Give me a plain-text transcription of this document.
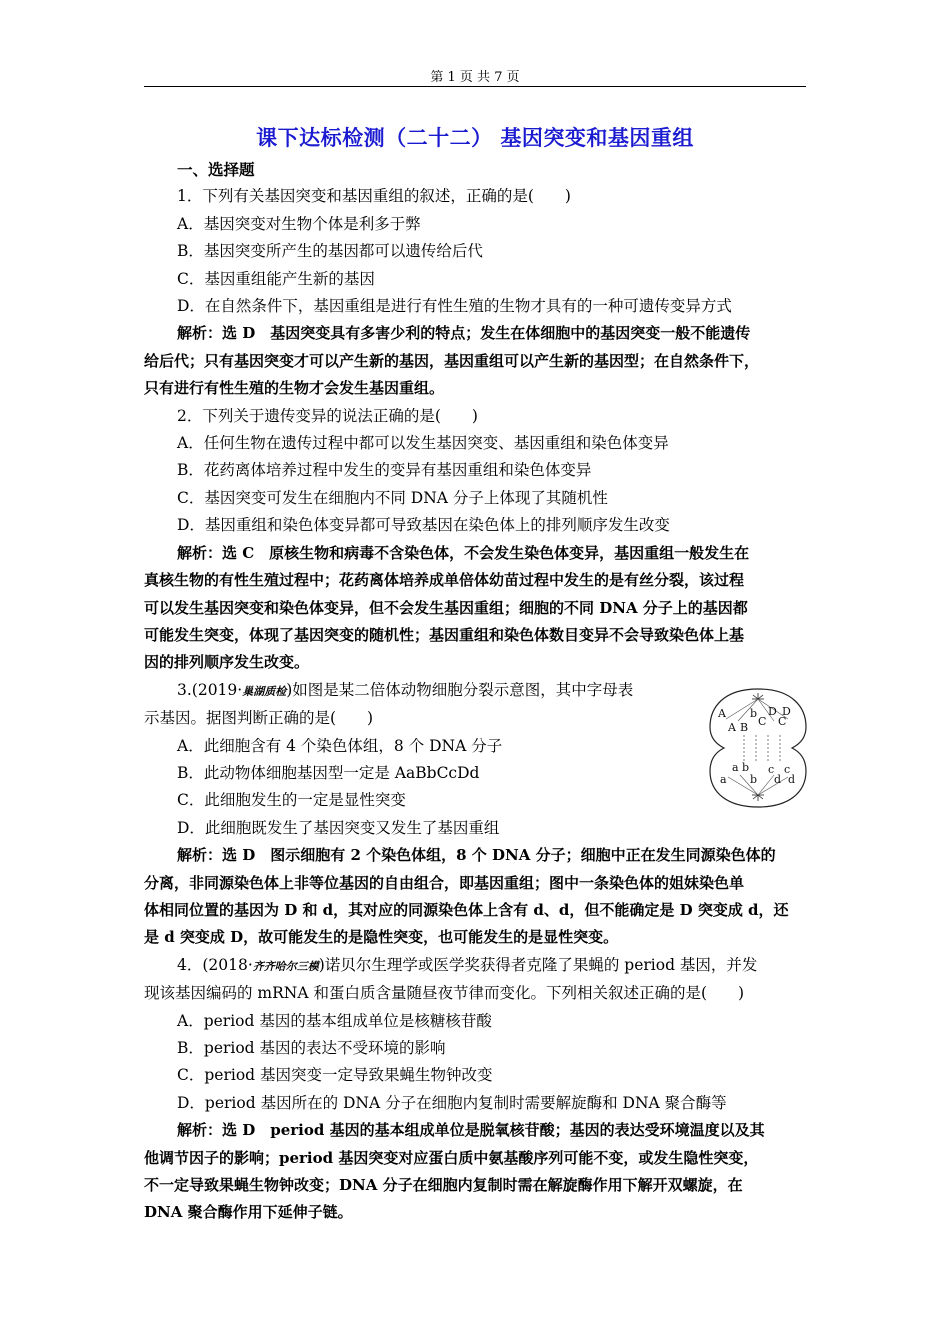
第 1 页 共 7 页
课下达标检测（二十二） 基因突变和基因重组
一、选择题
1．下列有关基因突变和基因重组的叙述，正确的是(　　)
A．基因突变对生物个体是利多于弊
B．基因突变所产生的基因都可以遗传给后代
C．基因重组能产生新的基因
D．在自然条件下，基因重组是进行有性生殖的生物才具有的一种可遗传变异方式
解析：选 D　基因突变具有多害少利的特点；发生在体细胞中的基因突变一般不能遗传
给后代；只有基因突变才可以产生新的基因，基因重组可以产生新的基因型；在自然条件下，
只有进行有性生殖的生物才会发生基因重组。
2．下列关于遗传变异的说法正确的是(　　)
A．任何生物在遗传过程中都可以发生基因突变、基因重组和染色体变异
B．花药离体培养过程中发生的变异有基因重组和染色体变异
C．基因突变可发生在细胞内不同 DNA 分子上体现了其随机性
D．基因重组和染色体变异都可导致基因在染色体上的排列顺序发生改变
解析：选 C　原核生物和病毒不含染色体，不会发生染色体变异，基因重组一般发生在
真核生物的有性生殖过程中；花药离体培养成单倍体幼苗过程中发生的是有丝分裂，该过程
可以发生基因突变和染色体变异，但不会发生基因重组；细胞的不同 DNA 分子上的基因都
可能发生突变，体现了基因突变的随机性；基因重组和染色体数目变异不会导致染色体上基
因的排列顺序发生改变。
3.(2019·巢湖质检)如图是某二倍体动物细胞分裂示意图，其中字母表
示基因。据图判断正确的是(　　)
A．此细胞含有 4 个染色体组，8 个 DNA 分子
B．此动物体细胞基因型一定是 AaBbCcDd
C．此细胞发生的一定是显性突变
D．此细胞既发生了基因突变又发生了基因重组
A
A B
b
C
D
C
D
a
a
b
b
c c
d d
解析：选 D　图示细胞有 2 个染色体组，8 个 DNA 分子；细胞中正在发生同源染色体的
分离，非同源染色体上非等位基因的自由组合，即基因重组；图中一条染色体的姐妹染色单
体相同位置的基因为 D 和 d，其对应的同源染色体上含有 d、d，但不能确定是 D 突变成 d，还
是 d 突变成 D，故可能发生的是隐性突变，也可能发生的是显性突变。
4．(2018·齐齐哈尔三模)诺贝尔生理学或医学奖获得者克隆了果蝇的 period 基因，并发
现该基因编码的 mRNA 和蛋白质含量随昼夜节律而变化。下列相关叙述正确的是(　　)
A．period 基因的基本组成单位是核糖核苷酸
B．period 基因的表达不受环境的影响
C．period 基因突变一定导致果蝇生物钟改变
D．period 基因所在的 DNA 分子在细胞内复制时需要解旋酶和 DNA 聚合酶等
解析：选 D　period 基因的基本组成单位是脱氧核苷酸；基因的表达受环境温度以及其
他调节因子的影响；period 基因突变对应蛋白质中氨基酸序列可能不变，或发生隐性突变，
不一定导致果蝇生物钟改变；DNA 分子在细胞内复制时需在解旋酶作用下解开双螺旋，在
DNA 聚合酶作用下延伸子链。
